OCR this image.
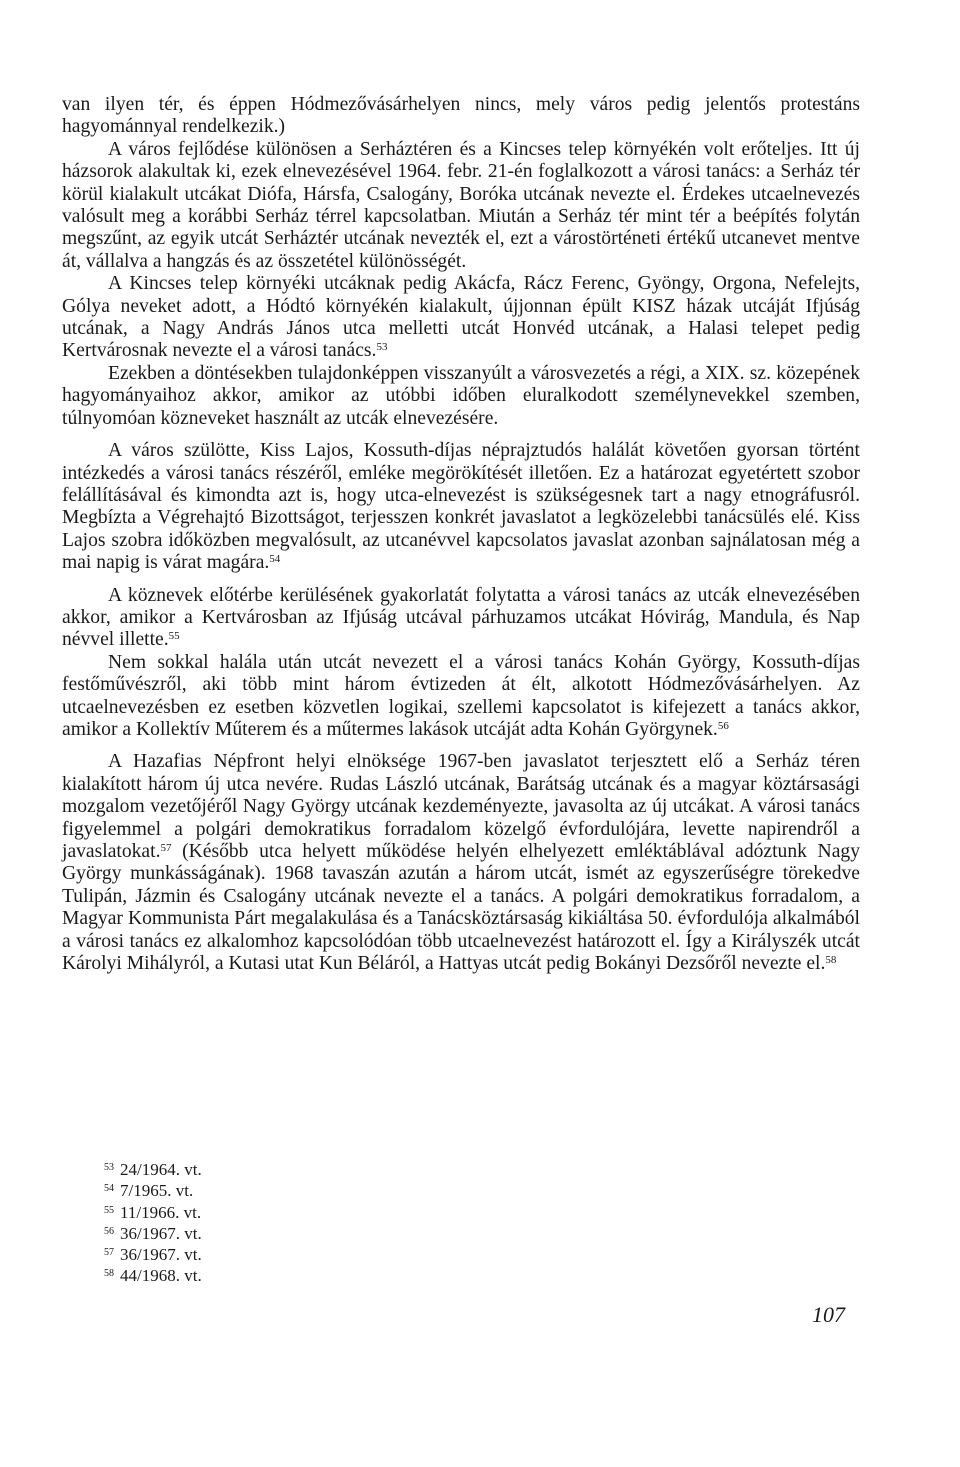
van ilyen tér, és éppen Hódmezővásárhelyen nincs, mely város pedig jelentős protestáns hagyománnyal rendelkezik.)

A város fejlődése különösen a Serháztéren és a Kincses telep környékén volt erőteljes. Itt új házsorok alakultak ki, ezek elnevezésével 1964. febr. 21-én foglalkozott a városi tanács: a Serház tér körül kialakult utcákat Diófa, Hársfa, Csalogány, Boróka utcának nevezte el. Érdekes utcaelnevezés valósult meg a korábbi Serház térrel kapcsolatban. Miután a Serház tér mint tér a beépítés folytán megszűnt, az egyik utcát Serháztér utcának nevezték el, ezt a várostörténeti értékű utcanevet mentve át, vállalva a hangzás és az összetétel különösségét.

A Kincses telep környéki utcáknak pedig Akácfa, Rácz Ferenc, Gyöngy, Orgona, Nefelejts, Gólya neveket adott, a Hódtó környékén kialakult, újjonnan épült KISZ házak utcáját Ifjúság utcának, a Nagy András János utca melletti utcát Honvéd utcának, a Halasi telepet pedig Kertvárosnak nevezte el a városi tanács.$^{53}$

Ezekben a döntésekben tulajdonképpen visszanyúlt a városvezetés a régi, a XIX. sz. közepének hagyományaihoz akkor, amikor az utóbbi időben eluralkodott személynevekkel szemben, túlnyomóan közneveket használt az utcák elnevezésére.

A város szülötte, Kiss Lajos, Kossuth-díjas néprajztudós halálát követően gyorsan történt intézkedés a városi tanács részéről, emléke megörökítését illetően. Ez a határozat egyetértett szobor felállításával és kimondta azt is, hogy utca-elnevezést is szükségesnek tart a nagy etnográfusról. Megbízta a Végrehajtó Bizottságot, terjesszen konkrét javaslatot a legközelebbi tanácsülés elé. Kiss Lajos szobra időközben megvalósult, az utcanévvel kapcsolatos javaslat azonban sajnálatosan még a mai napig is várat magára.$^{54}$

A köznevek előtérbe kerülésének gyakorlatát folytatta a városi tanács az utcák elnevezésében akkor, amikor a Kertvárosban az Ifjúság utcával párhuzamos utcákat Hóvirág, Mandula, és Nap névvel illette.$^{55}$

Nem sokkal halála után utcát nevezett el a városi tanács Kohán György, Kossuth-díjas festőművészről, aki több mint három évtizeden át élt, alkotott Hódmezővásárhelyen. Az utcaelnevezésben ez esetben közvetlen logikai, szellemi kapcsolatot is kifejezett a tanács akkor, amikor a Kollektív Műterem és a műtermes lakások utcáját adta Kohán Györgynek.$^{56}$

A Hazafias Népfront helyi elnöksége 1967-ben javaslatot terjesztett elő a Serház téren kialakított három új utca nevére. Rudas László utcának, Barátság utcának és a magyar köztársasági mozgalom vezetőjéről Nagy György utcának kezdeményezte, javasolta az új utcákat. A városi tanács figyelemmel a polgári demokratikus forradalom közelgő évfordulójára, levette napirendről a javaslatokat.$^{57}$ (Később utca helyett működése helyén elhelyezett emléktáblával adóztunk Nagy György munkásságának). 1968 tavaszán azután a három utcát, ismét az egyszerűségre törekedve Tulipán, Jázmin és Csalogány utcának nevezte el a tanács. A polgári demokratikus forradalom, a Magyar Kommunista Párt megalakulása és a Tanácsköztársaság kikiáltása 50. évfordulója alkalmából a városi tanács ez alkalomhoz kapcsolódóan több utcaelnevezést határozott el. Így a Királyszék utcát Károlyi Mihályról, a Kutasi utat Kun Béláról, a Hattyas utcát pedig Bokányi Dezsőről nevezte el.$^{58}$

53 24/1964. vt.
54 7/1965. vt.
55 11/1966. vt.
56 36/1967. vt.
57 36/1967. vt.
58 44/1968. vt.
107
